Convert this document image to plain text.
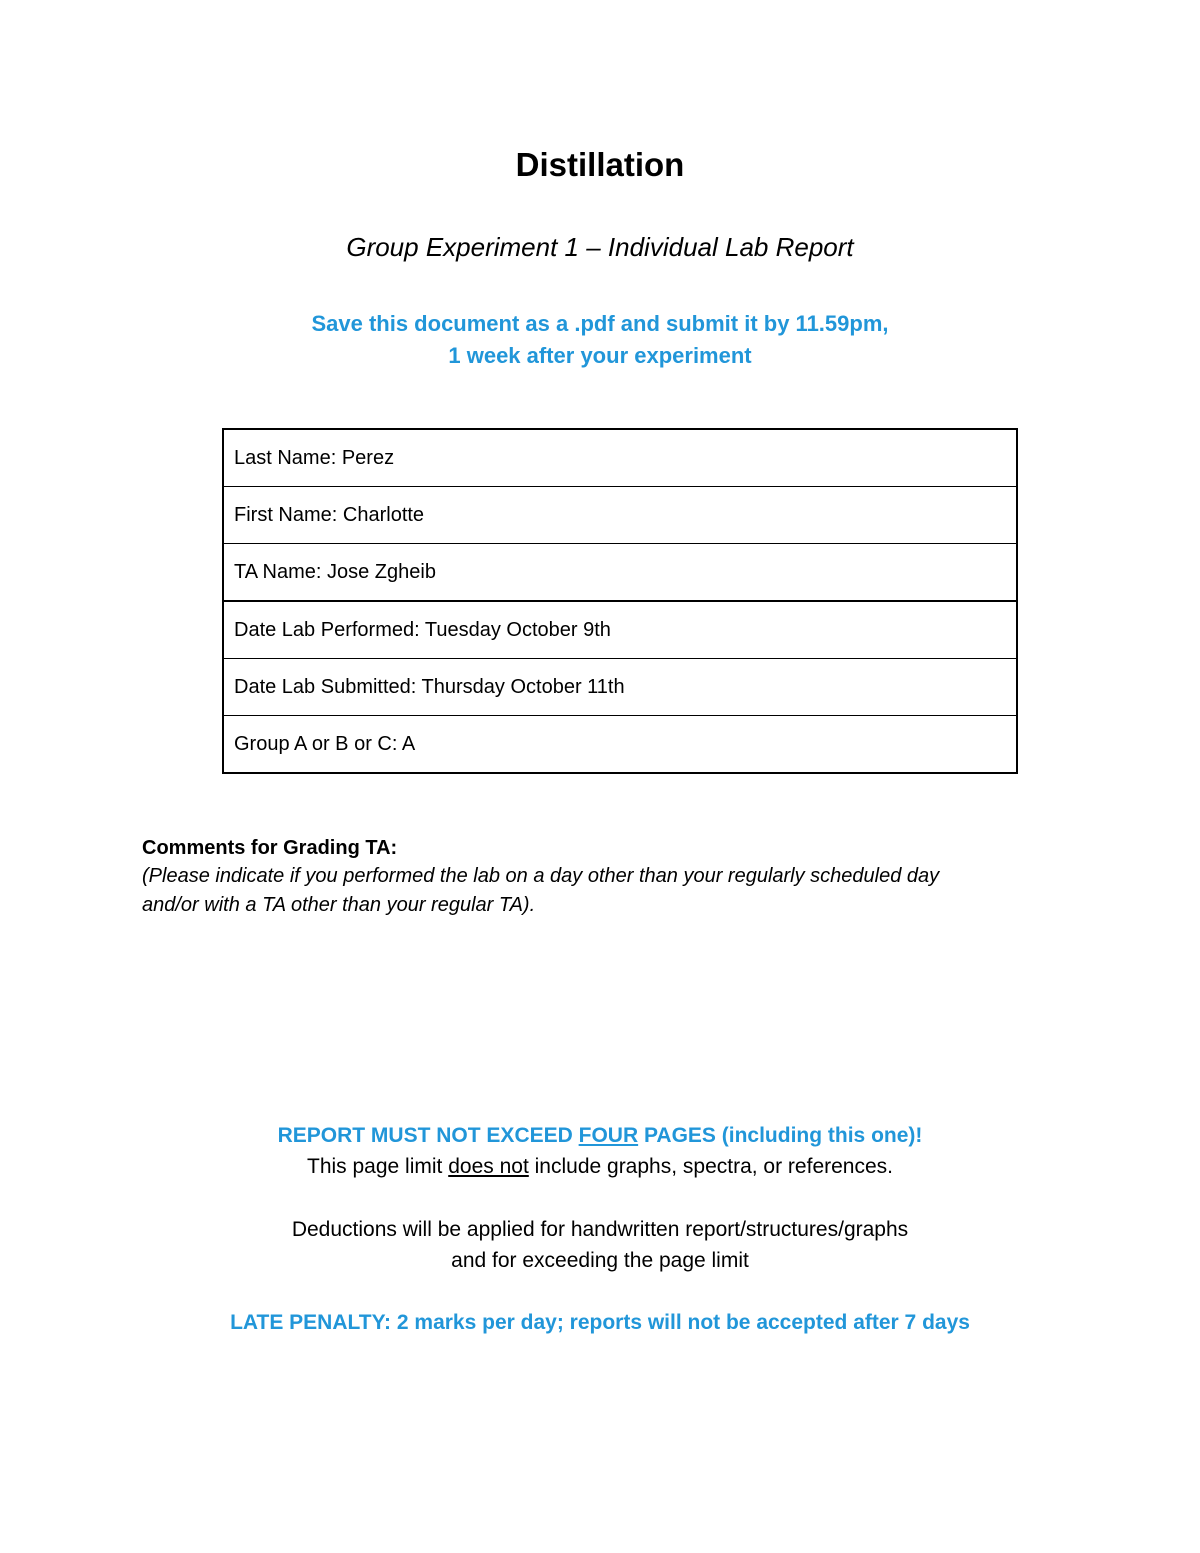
Distillation
Group Experiment 1 – Individual Lab Report
Save this document as a .pdf and submit it by 11.59pm,
1 week after your experiment
Last Name: Perez
First Name: Charlotte
TA Name: Jose Zgheib
Date Lab Performed: Tuesday October 9th
Date Lab Submitted: Thursday October 11th
Group A or B or C: A
Comments for Grading TA:
(Please indicate if you performed the lab on a day other than your regularly scheduled day
and/or with a TA other than your regular TA).
REPORT MUST NOT EXCEED FOUR PAGES (including this one)!
This page limit does not include graphs, spectra, or references.
Deductions will be applied for handwritten report/structures/graphs
and for exceeding the page limit
LATE PENALTY: 2 marks per day; reports will not be accepted after 7 days
